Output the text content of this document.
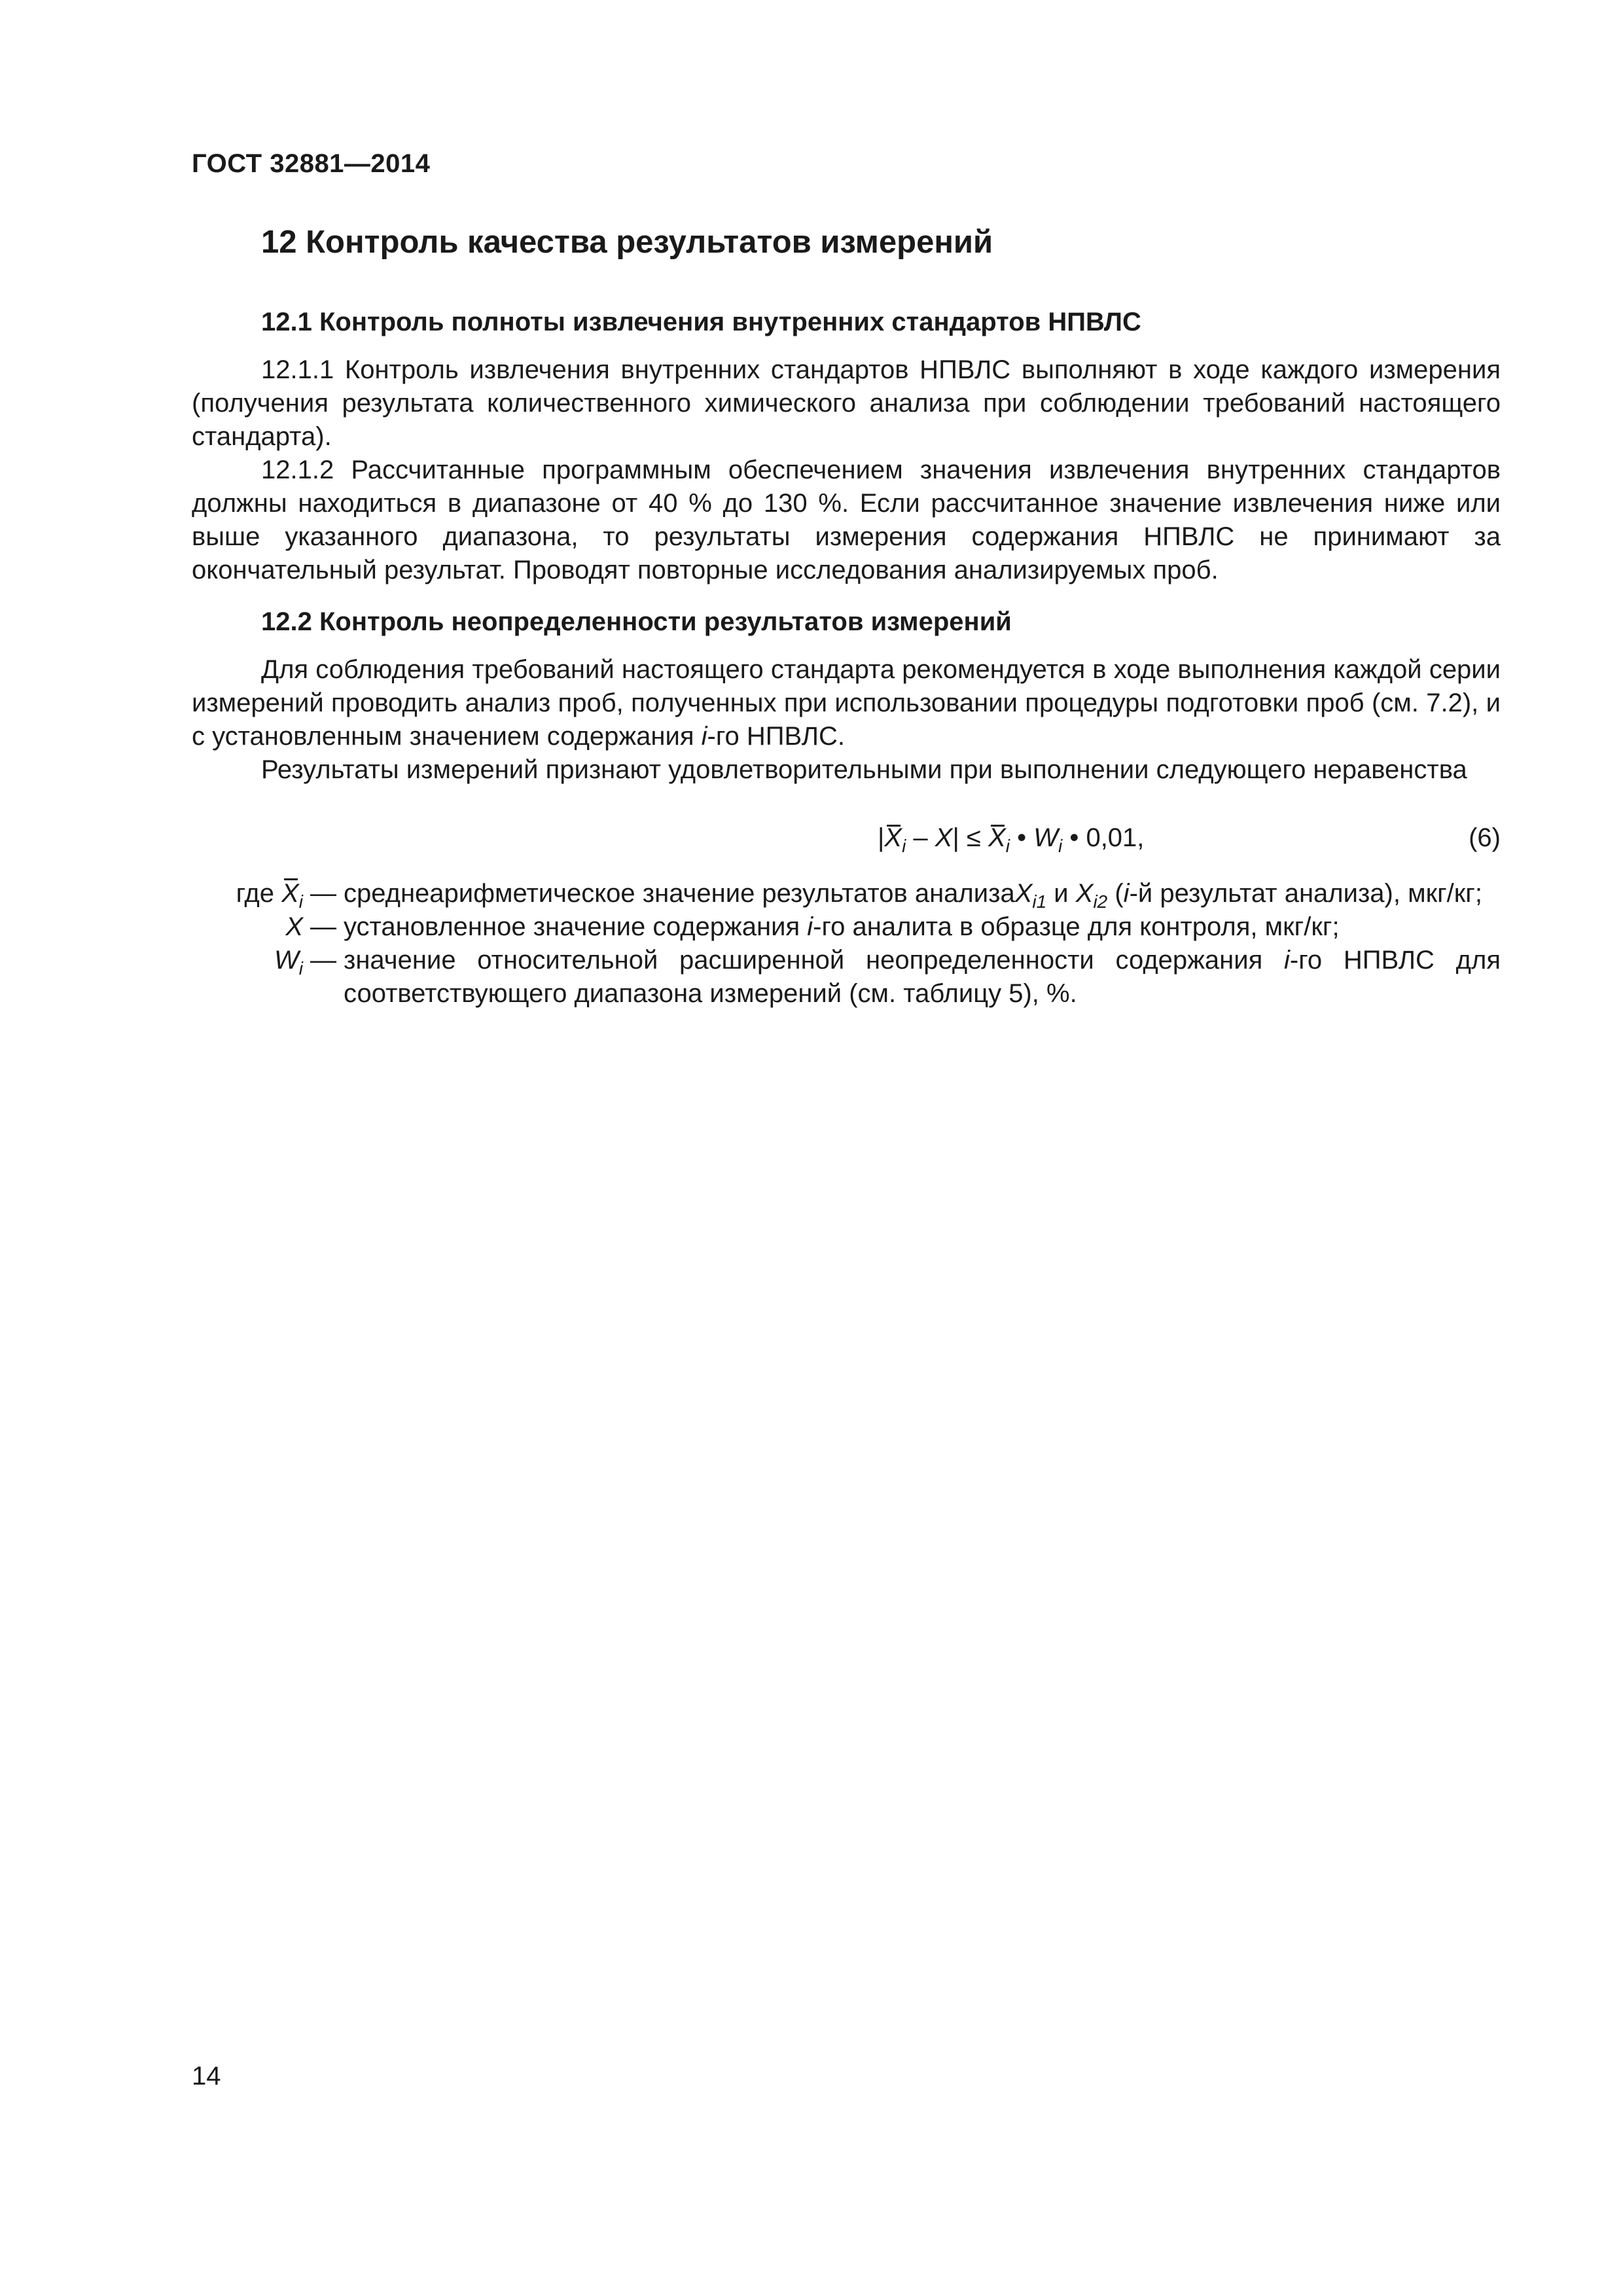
ГОСТ 32881—2014
12 Контроль качества результатов измерений
12.1 Контроль полноты извлечения внутренних стандартов НПВЛС

12.1.1 Контроль извлечения внутренних стандартов НПВЛС выполняют в ходе каждого измерения (получения результата количественного химического анализа при соблюдении требований настоящего стандарта).

12.1.2 Рассчитанные программным обеспечением значения извлечения внутренних стандартов должны находиться в диапазоне от 40 % до 130 %. Если рассчитанное значение извлечения ниже или выше указанного диапазона, то результаты измерения содержания НПВЛС не принимают за окончательный результат. Проводят повторные исследования анализируемых проб.

12.2 Контроль неопределенности результатов измерений

Для соблюдения требований настоящего стандарта рекомендуется в ходе выполнения каждой серии измерений проводить анализ проб, полученных при использовании процедуры подготовки проб (см. 7.2), и с установленным значением содержания i-го НПВЛС.

Результаты измерений признают удовлетворительными при выполнении следующего неравенства

$|X_i - X| \le X_i$ • $W_i$ • 0,01,	(6)
где $X_i$ — среднеарифметическое значение результатов анализаX$_{i1}$ и $X_{i2}$ (i-й результат анализа), мкг/кг;
X — установленное значение содержания i-го аналита в образце для контроля, мкг/кг;
$W_i$ — значение относительной расширенной неопределенности содержания i-го НПВЛС для соответствующего диапазона измерений (см. таблицу 5), %.
14
